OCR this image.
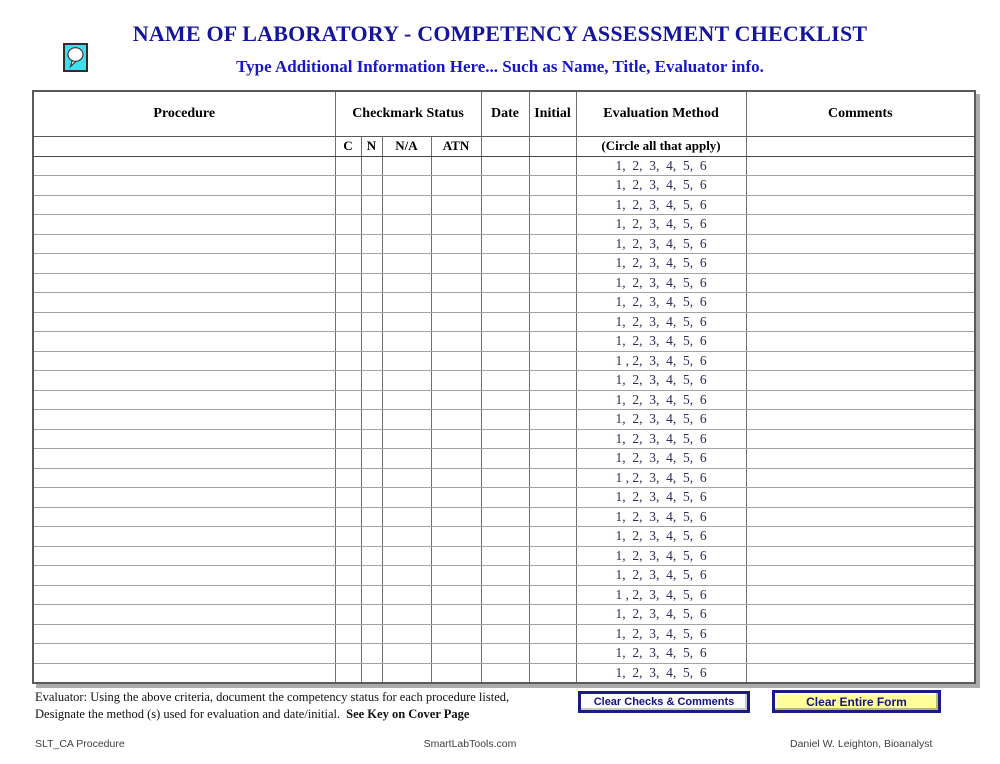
NAME OF LABORATORY - COMPETENCY ASSESSMENT CHECKLIST
Type Additional Information Here... Such as Name, Title, Evaluator info.
Procedure	Checkmark Status				Date	Initial	Evaluation Method	Comments
	C	N	N/A	ATN			(Circle all that apply)	
							1,  2,  3,  4,  5,  6	
							1,  2,  3,  4,  5,  6	
							1,  2,  3,  4,  5,  6	
							1,  2,  3,  4,  5,  6	
							1,  2,  3,  4,  5,  6	
							1,  2,  3,  4,  5,  6	
							1,  2,  3,  4,  5,  6	
							1,  2,  3,  4,  5,  6	
							1,  2,  3,  4,  5,  6	
							1,  2,  3,  4,  5,  6	
							1 , 2,  3,  4,  5,  6	
							1,  2,  3,  4,  5,  6	
							1,  2,  3,  4,  5,  6	
							1,  2,  3,  4,  5,  6	
							1,  2,  3,  4,  5,  6	
							1,  2,  3,  4,  5,  6	
							1 , 2,  3,  4,  5,  6	
							1,  2,  3,  4,  5,  6	
							1,  2,  3,  4,  5,  6	
							1,  2,  3,  4,  5,  6	
							1,  2,  3,  4,  5,  6	
							1,  2,  3,  4,  5,  6	
							1 , 2,  3,  4,  5,  6	
							1,  2,  3,  4,  5,  6	
							1,  2,  3,  4,  5,  6	
							1,  2,  3,  4,  5,  6	
							1,  2,  3,  4,  5,  6	
Evaluator: Using the above criteria, document the competency status for each procedure listed,
Designate the method (s) used for evaluation and date/initial. See Key on Cover Page
Clear Checks & Comments	Clear Entire Form
SLT_CA Procedure	SmartLabTools.com	Daniel W. Leighton, Bioanalyst
